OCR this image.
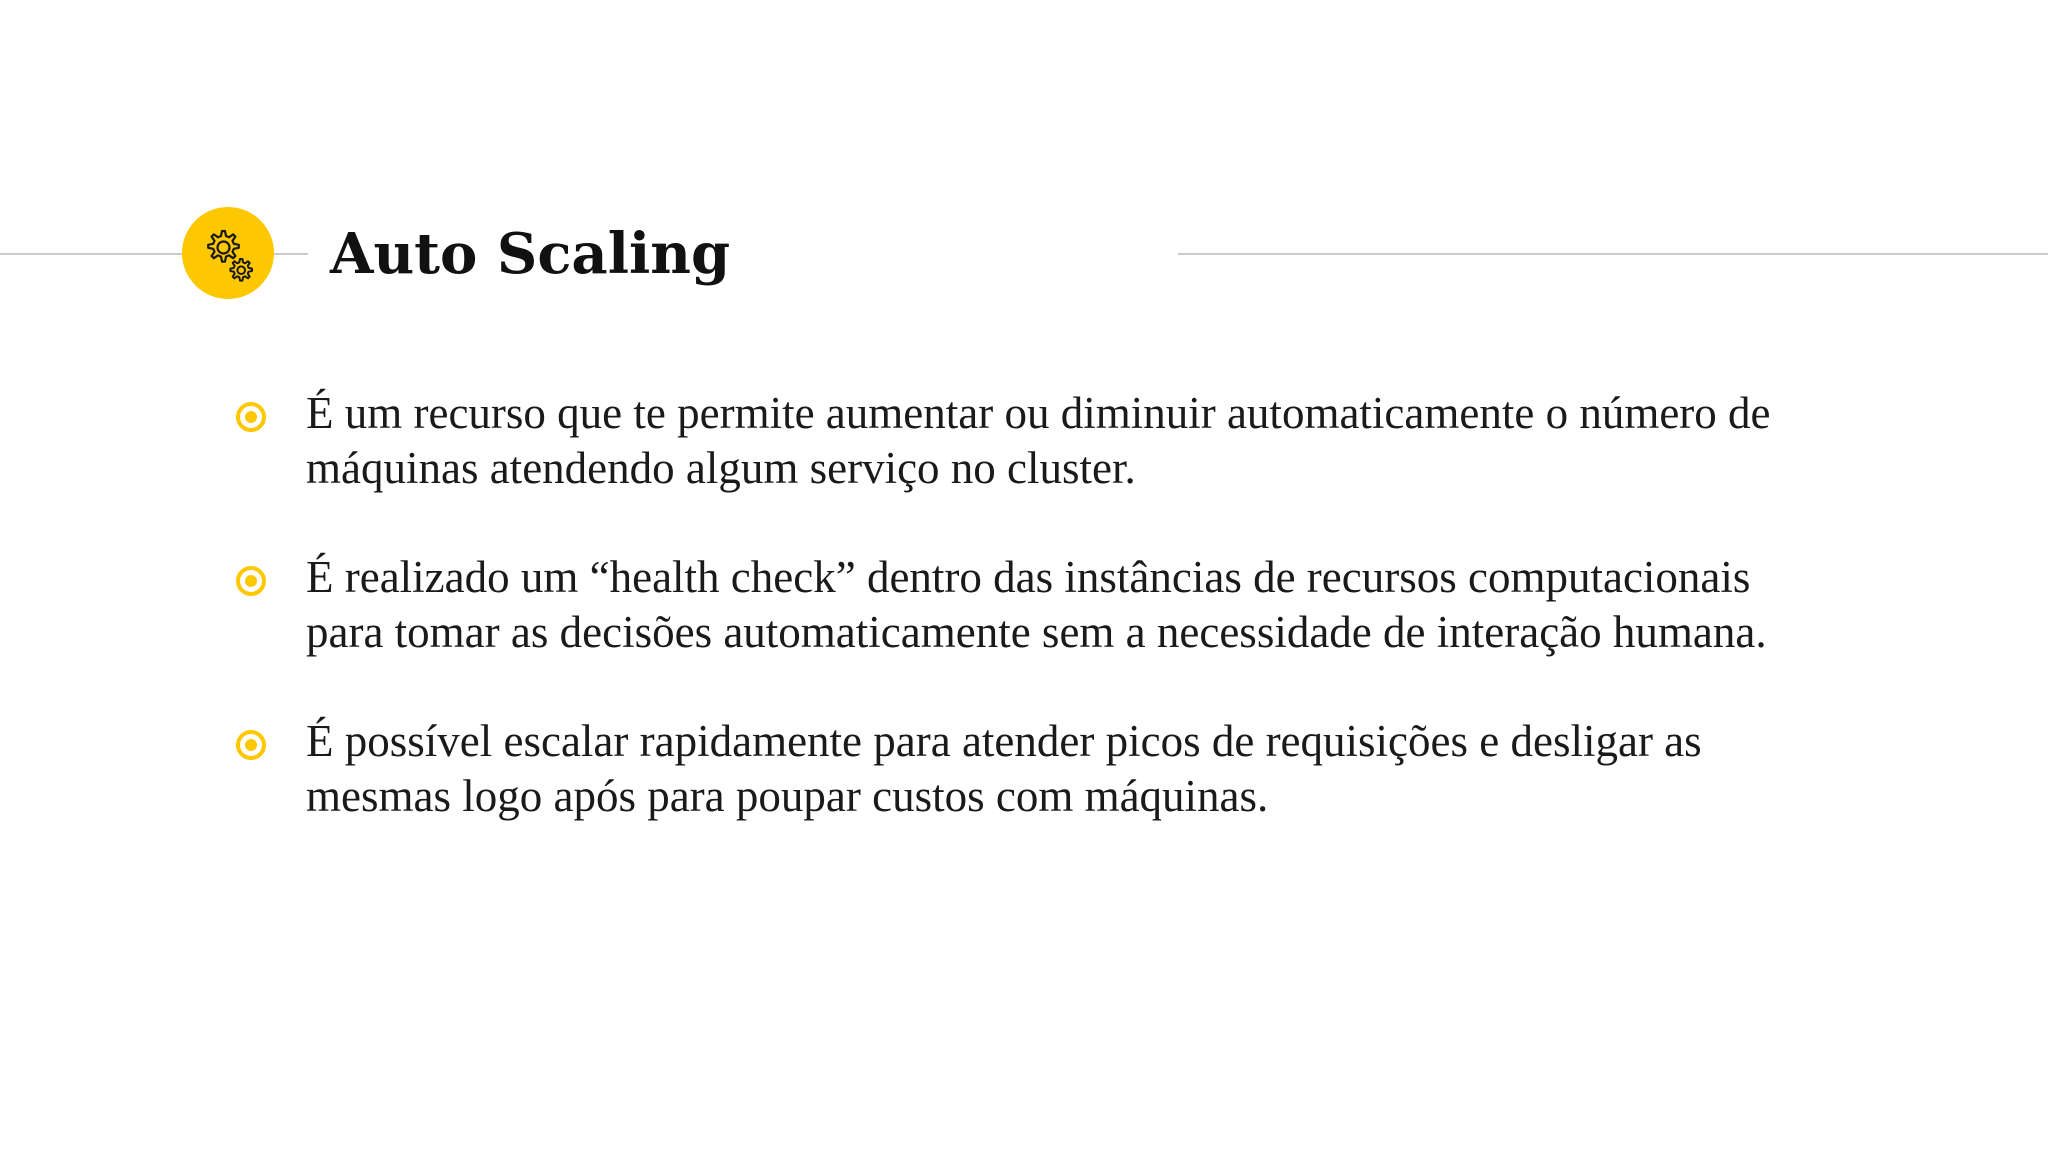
Auto Scaling
É um recurso que te permite aumentar ou diminuir automaticamente o número de máquinas atendendo algum serviço no cluster.
É realizado um “health check” dentro das instâncias de recursos computacionais para tomar as decisões automaticamente sem a necessidade de interação humana.
É possível escalar rapidamente para atender picos de requisições e desligar as mesmas logo após para poupar custos com máquinas.
